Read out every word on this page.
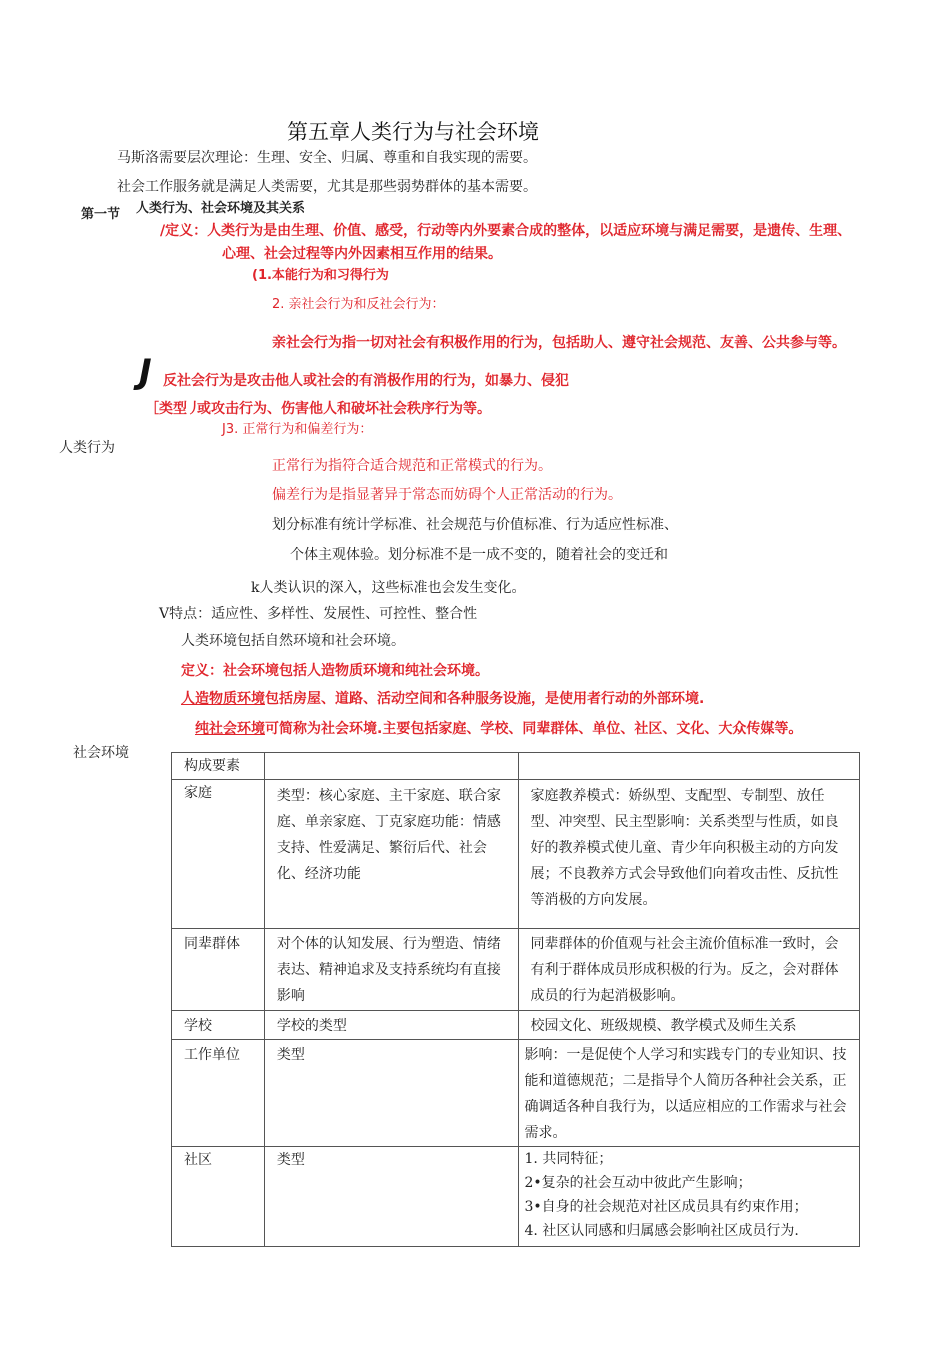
第五章人类行为与社会环境
马斯洛需要层次理论：生理、安全、归属、尊重和自我实现的需要。
社会工作服务就是满足人类需要，尤其是那些弱势群体的基本需要。
第一节 人类行为、社会环境及其关系
/定义：人类行为是由生理、价值、感受，行动等内外要素合成的整体，以适应环境与满足需要，是遗传、生理、
心理、社会过程等内外因素相互作用的结果。
(1.本能行为和习得行为
2. 亲社会行为和反社会行为：
亲社会行为指一切对社会有积极作用的行为，包括助人、遵守社会规范、友善、公共参与等。
J 反社会行为是攻击他人或社会的有消极作用的行为，如暴力、侵犯
［类型丿
或攻击行为、伤害他人和破坏社会秩序行为等。
J3. 正常行为和偏差行为：
人类行为
正常行为指符合适合规范和正常模式的行为。
偏差行为是指显著异于常态而妨碍个人正常活动的行为。
划分标准有统计学标准、社会规范与价值标准、行为适应性标准、
个体主观体验。划分标准不是一成不变的，随着社会的变迁和
k人类认识的深入，这些标准也会发生变化。
V特点：适应性、多样性、发展性、可控性、整合性
人类环境包括自然环境和社会环境。
定义：社会环境包括人造物质环境和纯社会环境。
人造物质环境包括房屋、道路、活动空间和各种服务设施，是使用者行动的外部环境.
纯社会环境可简称为社会环境.主要包括家庭、学校、同辈群体、单位、社区、文化、大众传媒等。
社会环境
构成要素		
家庭	类型：核心家庭、主干家庭、联合家庭、单亲家庭、丁克家庭功能：情感支持、性爱满足、繁衍后代、社会化、经济功能	家庭教养模式：娇纵型、支配型、专制型、放任型、冲突型、民主型影响：关系类型与性质，如良好的教养模式使儿童、青少年向积极主动的方向发展；不良教养方式会导致他们向着攻击性、反抗性等消极的方向发展。
同辈群体	对个体的认知发展、行为塑造、情绪表达、精神追求及支持系统均有直接影响	同辈群体的价值观与社会主流价值标准一致时，会有利于群体成员形成积极的行为。反之，会对群体成员的行为起消极影响。
学校	学校的类型	校园文化、班级规模、教学模式及师生关系
工作单位	类型	影响：一是促使个人学习和实践专门的专业知识、技能和道德规范；二是指导个人简历各种社会关系，正确调适各种自我行为，以适应相应的工作需求与社会需求。
社区	类型	1. 共同特征；
2•复杂的社会互动中彼此产生影响；
3•自身的社会规范对社区成员具有约束作用；
4. 社区认同感和归属感会影响社区成员行为.
